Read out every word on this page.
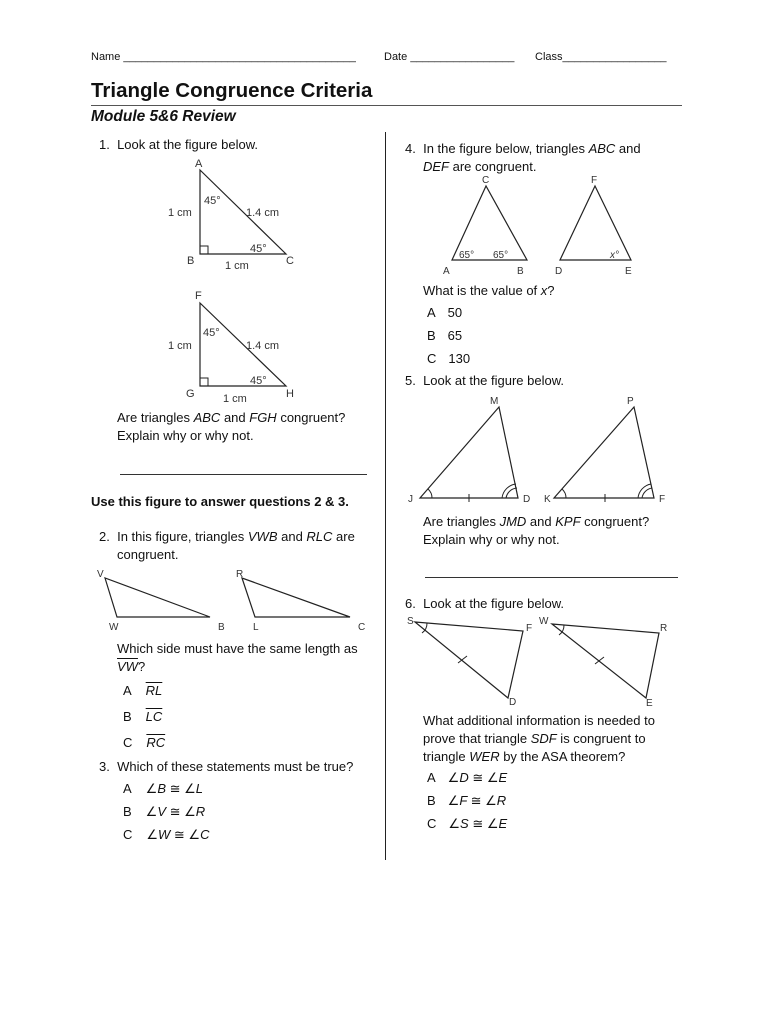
Name ______________________________________	Date _________________ Class_________________
Triangle Congruence Criteria
Module 5&6 Review
1. Look at the figure below.
A
B	C
1 cm	1.4 cm
1 cm
45°
45°
F
G	H
1 cm	1.4 cm
1 cm
45°
45°
Are triangles ABC and FGH congruent?
Explain why or why not.
Use this figure to answer questions 2 & 3.
2. In this figure, triangles VWB and RLC are
congruent.
V
W	B
R
L	C
Which side must have the same length as
$\overline{VW}$?
A $\overline{RL}$
B $\overline{LC}$
C $\overline{RC}$
3. Which of these statements must be true?
A ∠B ≅ ∠L
B ∠V ≅ ∠R
C ∠W ≅ ∠C
4. In the figure below, triangles ABC and
DEF are congruent.
C
A	B
F
D	E
65° 65°	x°
What is the value of x?
A 50
B 65
C 130
5. Look at the figure below.
M
J	D
P
K	F
Are triangles JMD and KPF congruent?
Explain why or why not.
6. Look at the figure below.
S
F
D
W
R
E
What additional information is needed to
prove that triangle SDF is congruent to
triangle WER by the ASA theorem?
A ∠D ≅ ∠E
B ∠F ≅ ∠R
C ∠S ≅ ∠E
